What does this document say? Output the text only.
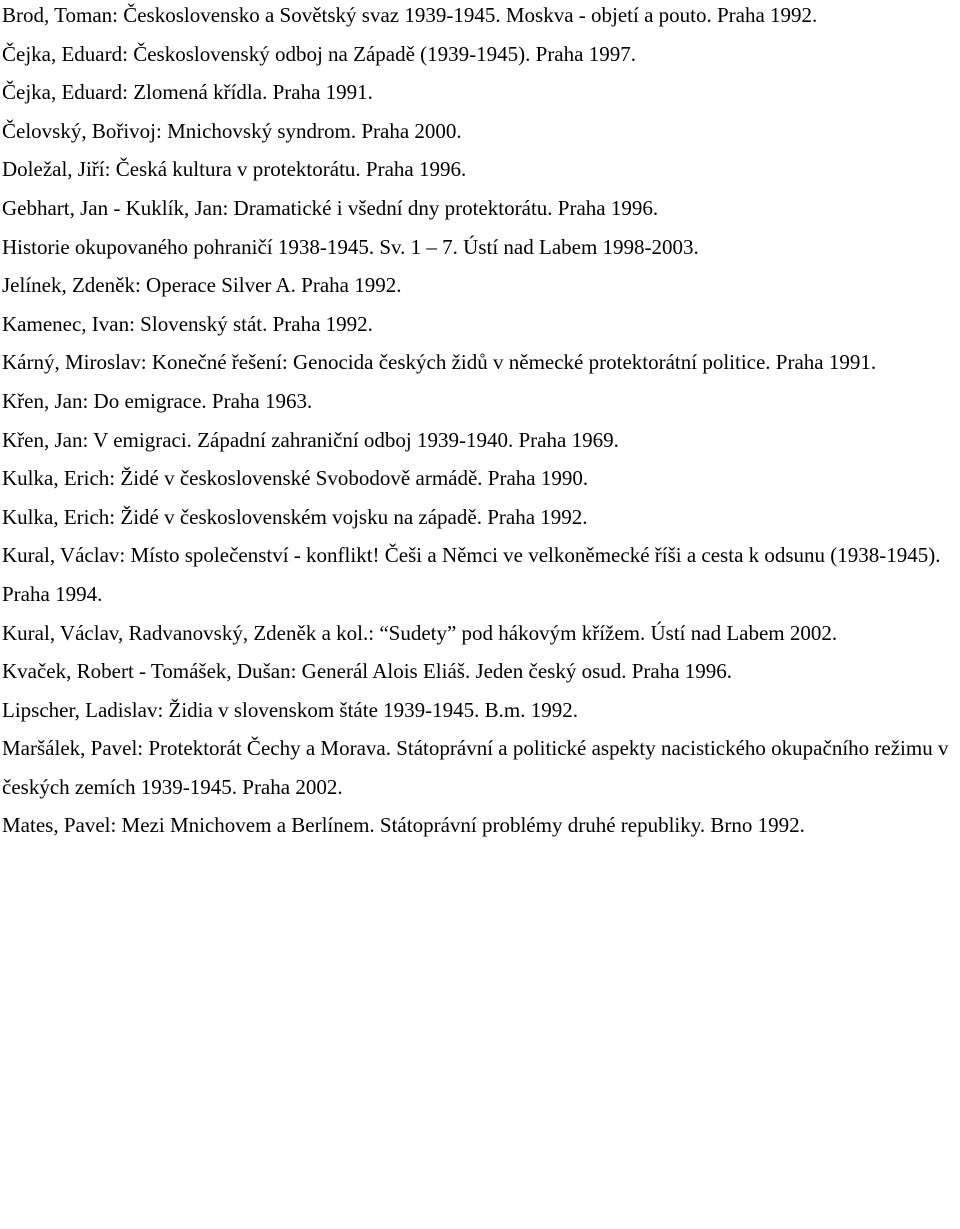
Brod, Toman: Československo a Sovětský svaz 1939-1945. Moskva - objetí a pouto. Praha 1992.

Čejka, Eduard: Československý odboj na Západě (1939-1945). Praha 1997.

Čejka, Eduard: Zlomená křídla. Praha 1991.

Čelovský, Bořivoj: Mnichovský syndrom. Praha 2000.

Doležal, Jiří: Česká kultura v protektorátu. Praha 1996.

Gebhart, Jan - Kuklík, Jan: Dramatické i všední dny protektorátu. Praha 1996.

Historie okupovaného pohraničí 1938-1945. Sv. 1 – 7. Ústí nad Labem 1998-2003.

Jelínek, Zdeněk: Operace Silver A. Praha 1992.

Kamenec, Ivan: Slovenský stát. Praha 1992.

Kárný, Miroslav: Konečné řešení: Genocida českých židů v německé protektorátní politice. Praha 1991.

Křen, Jan: Do emigrace. Praha 1963.

Křen, Jan: V emigraci. Západní zahraniční odboj 1939-1940. Praha 1969.

Kulka, Erich: Židé v československé Svobodově armádě. Praha 1990.

Kulka, Erich: Židé v československém vojsku na západě. Praha 1992.

Kural, Václav: Místo společenství - konflikt! Češi a Němci ve velkoněmecké říši a cesta k odsunu (1938-1945). Praha 1994.

Kural, Václav, Radvanovský, Zdeněk a kol.: “Sudety” pod hákovým křížem. Ústí nad Labem 2002.

Kvaček, Robert - Tomášek, Dušan: Generál Alois Eliáš. Jeden český osud. Praha 1996.

Lipscher, Ladislav: Židia v slovenskom štáte 1939-1945. B.m. 1992.

Maršálek, Pavel: Protektorát Čechy a Morava. Státoprávní a politické aspekty nacistického okupačního režimu v českých zemích 1939-1945. Praha 2002.

Mates, Pavel: Mezi Mnichovem a Berlínem. Státoprávní problémy druhé republiky. Brno 1992.
